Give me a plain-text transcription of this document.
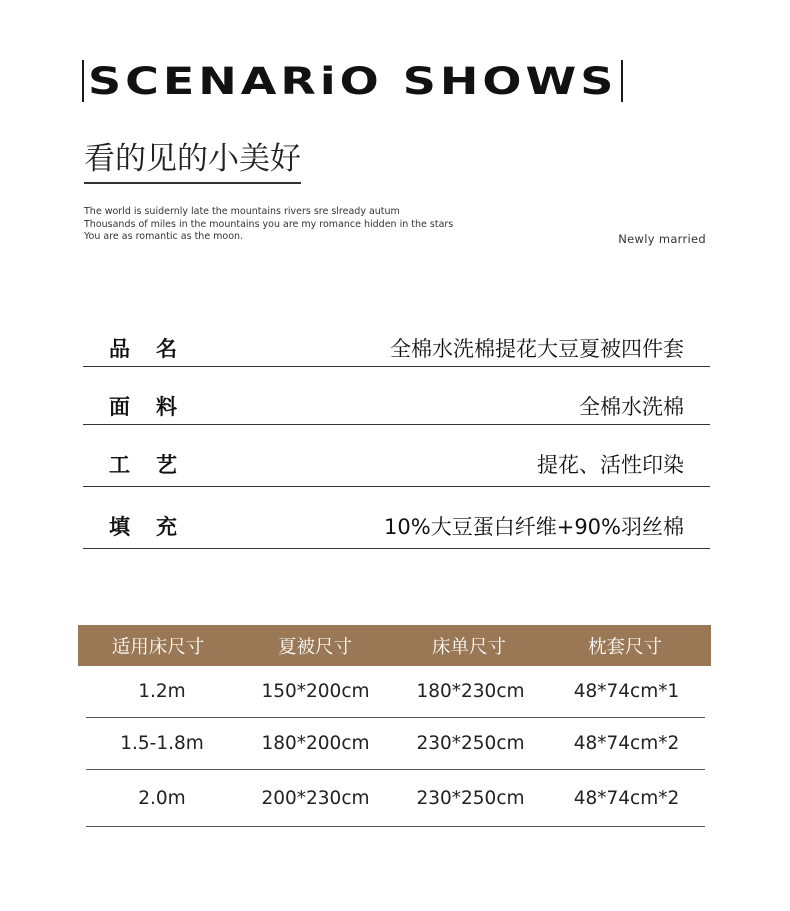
SCENARiO SHOWS
看的见的小美好
The world is suidernly late the mountains rivers sre slready autum
Thousands of miles in the mountains you are my romance hidden in the stars
You are as romantic as the moon.	Newly married
品名	全棉水洗棉提花大豆夏被四件套
面料	全棉水洗棉
工艺	提花、活性印染
填充	10%大豆蛋白纤维+90%羽丝棉
适用床尺寸	夏被尺寸	床单尺寸	枕套尺寸
1.2m	150*200cm	180*230cm	48*74cm*1
1.5-1.8m	180*200cm	230*250cm	48*74cm*2
2.0m	200*230cm	230*250cm	48*74cm*2
